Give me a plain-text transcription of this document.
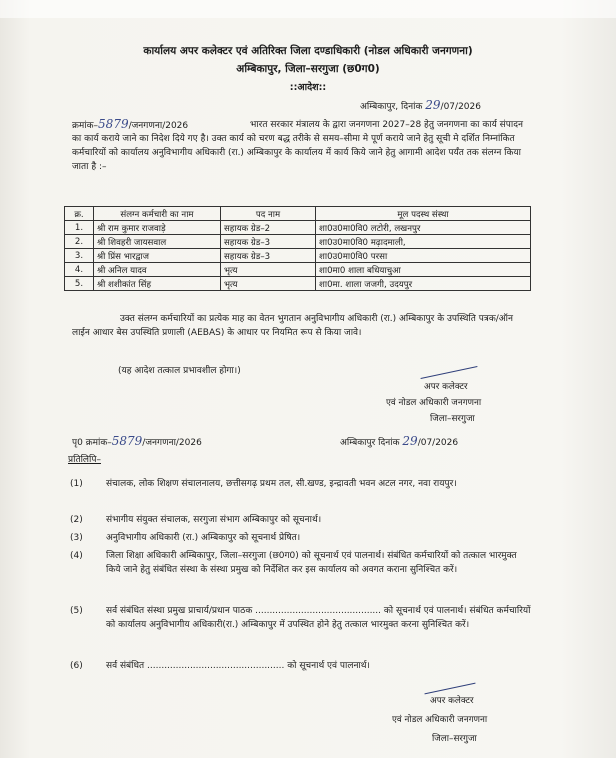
कार्यालय अपर कलेक्टर एवं अतिरिक्त जिला दण्डाधिकारी (नोडल अधिकारी जनगणना)
अम्बिकापुर, जिला–सरगुजा (छ0ग0)
::आदेश::
अम्बिकापुर, दिनांक 29/07/2026
क्रमांक–5879/जनगणना/2026	भारत सरकार मंत्रालय के द्वारा जनगणना 2027–28 हेतु जनगणना का कार्य संपादन का कार्य कराये जाने का निदेश दिये गए है। उक्त कार्य को चरण बद्ध तरीके से समय–सीमा मे पूर्ण कराये जाने हेतु सूची मे दर्शित निम्नांकित कर्मचारियों को कार्यालय अनुविभागीय अधिकारी (रा.) अम्बिकापुर के कार्यालय में कार्य किये जाने हेतु आगामी आदेश पर्यंत तक संलग्न किया जाता है :–
क्र.	संलग्न कर्मचारी का नाम	पद नाम	मूल पदस्थ संस्था
1.	श्री राम कुमार राजवाड़े	सहायक ग्रेड–2	शा0उ0मा0वि0 लटोरी, लखनपुर
2.	श्री शिवहरी जायसवाल	सहायक ग्रेड–3	शा0उ0मा0वि0 मढ़ादमाली,
3.	श्री प्रिंस भारद्वाज	सहायक ग्रेड–3	शा0उ0मा0वि0 परसा
4.	श्री अनिल यादव	भृत्य	शा0मा0 शाला बधियाचुआ
5.	श्री शशीकांत सिंह	भृत्य	शा0मा. शाला जजगी, उदयपुर
उक्त संलग्न कर्मचारियों का प्रत्येक माह का वेतन भुगतान अनुविभागीय अधिकारी (रा.) अम्बिकापुर के उपस्थिति पत्रक/ऑन लाईन आधार बेस उपस्थिति प्रणाली (AEBAS) के आधार पर नियमित रूप से किया जावे।
(यह आदेश तत्काल प्रभावशील होगा।)
अपर कलेक्टर
एवं नोडल अधिकारी जनगणना
जिला–सरगुजा
पृ0 क्रमांक–5879/जनगणना/2026	अम्बिकापुर दिनांक 29/07/2026
प्रतिलिपि–
(1)	संचालक, लोक शिक्षण संचालनालय, छत्तीसगढ़ प्रथम तल, सी.खण्ड, इन्द्रावती भवन अटल नगर, नवा रायपुर।
(2)	संभागीय संयुक्त संचालक, सरगुजा संभाग अम्बिकापुर को सूचनार्थ।
(3)	अनुविभागीय अधिकारी (रा.) अम्बिकापुर को सूचनार्थ प्रेषित।
(4)	जिला शिक्षा अधिकारी अम्बिकापुर, जिला–सरगुजा (छ0ग0) को सूचनार्थ एवं पालनार्थ। संबंधित कर्मचारियों को तत्काल भारमुक्त किये जाने हेतु संबंधित संस्था के संस्था प्रमुख को निर्देशित कर इस कार्यालय को अवगत कराना सुनिश्चित करें।
(5)	सर्व संबंधित संस्था प्रमुख प्राचार्य/प्रधान पाठक ............................................ को सूचनार्थ एवं पालनार्थ। संबंधित कर्मचारियों को कार्यालय अनुविभागीय अधिकारी(रा.) अम्बिकापुर में उपस्थित होने हेतु तत्काल भारमुक्त करना सुनिश्चित करें।
(6)	सर्व संबंधित ................................................ को सूचनार्थ एवं पालनार्थ।
अपर कलेक्टर
एवं नोडल अधिकारी जनगणना
जिला–सरगुजा
